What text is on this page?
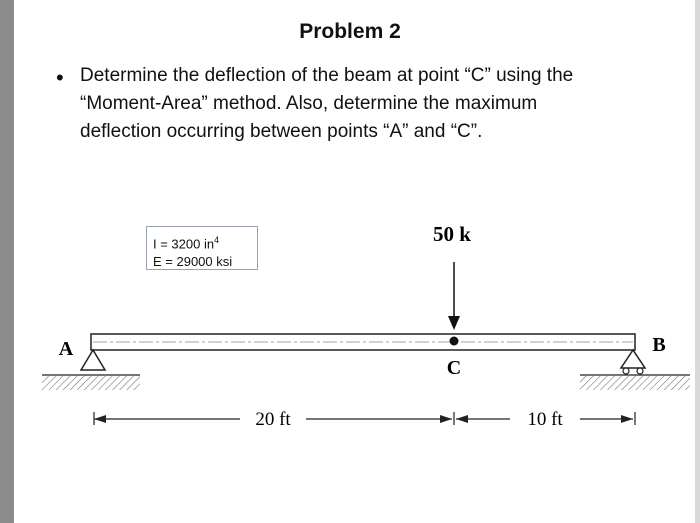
Problem 2
• Determine the deflection of the beam at point “C” using the
“Moment-Area” method. Also, determine the maximum
deflection occurring between points “A” and “C”.
I = 3200 $in^4$
E = 29000 ksi
50 k
C
A	B
20 ft	10 ft
